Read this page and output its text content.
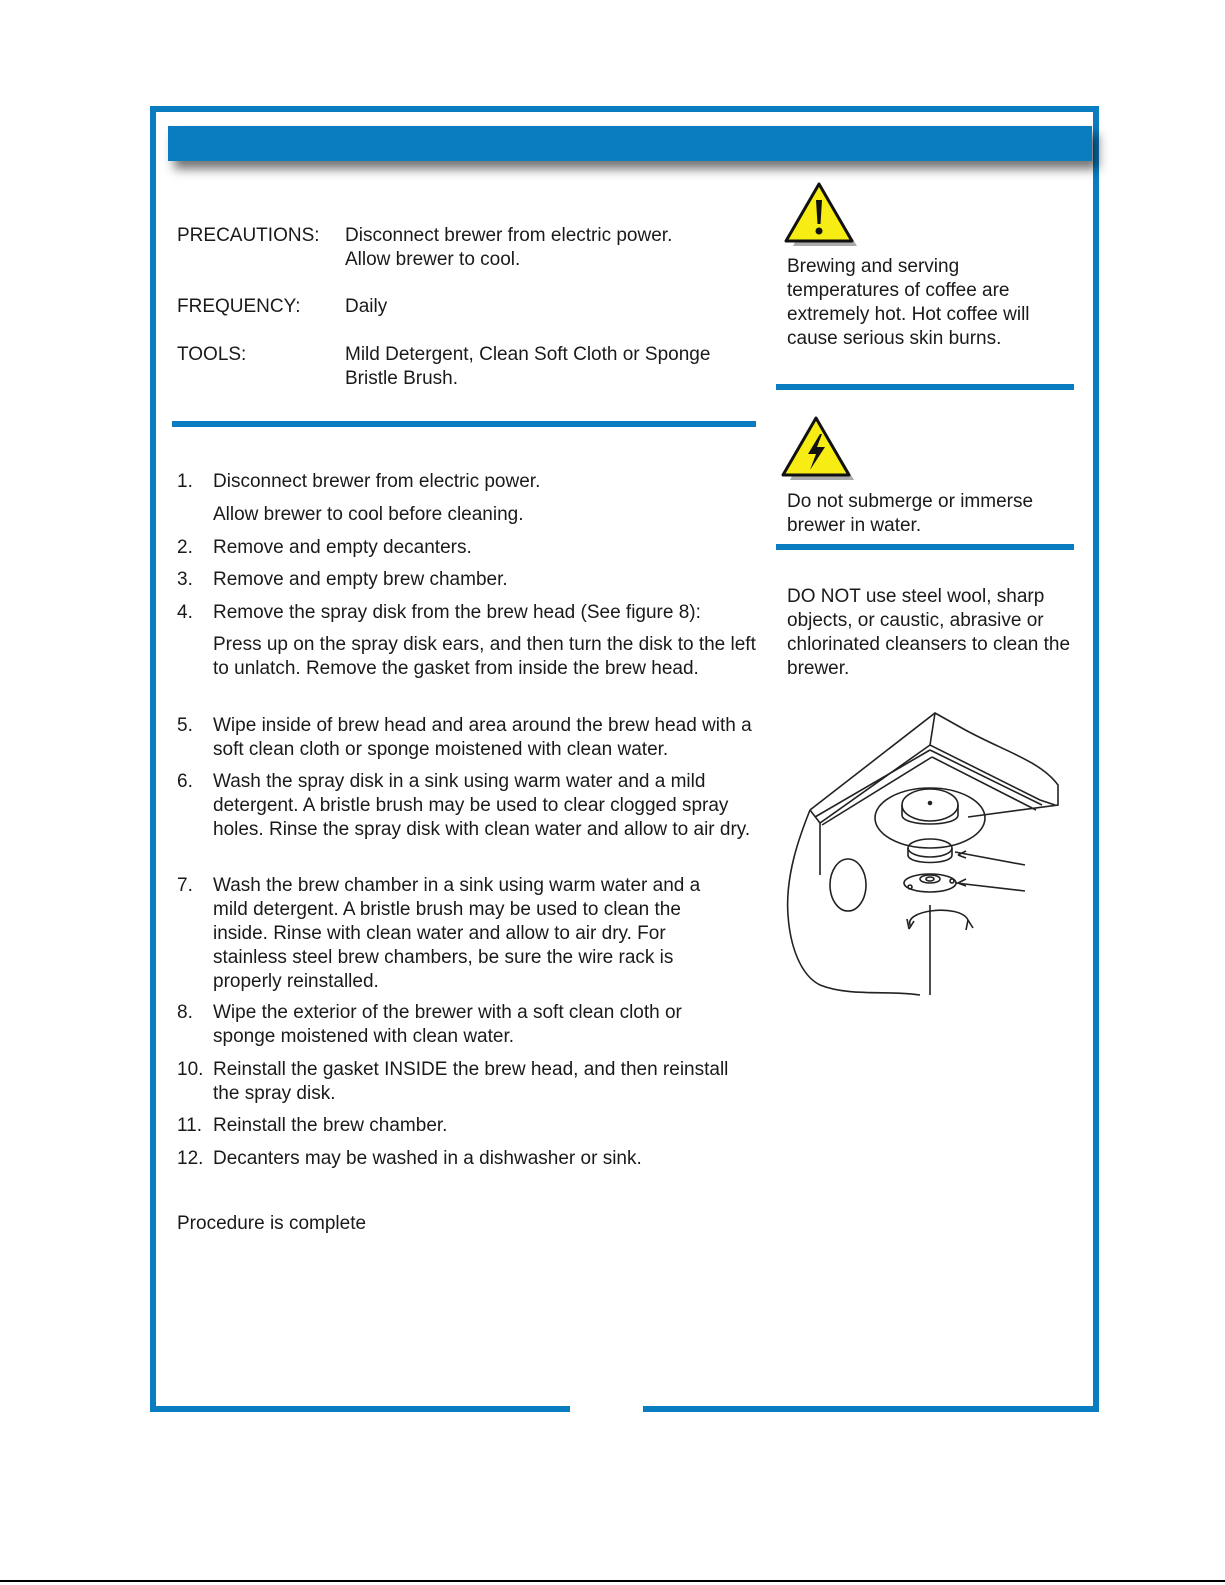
PRECAUTIONS: Disconnect brewer from electric power.
Allow brewer to cool.
FREQUENCY: Daily
TOOLS:	Mild Detergent, Clean Soft Cloth or Sponge
Bristle Brush.
1. Disconnect brewer from electric power.
Allow brewer to cool before cleaning.
2. Remove and empty decanters.
3. Remove and empty brew chamber.
4. Remove the spray disk from the brew head (See figure 8):
Press up on the spray disk ears, and then turn the disk to the left to unlatch. Remove the gasket from inside the brew head.
5. Wipe inside of brew head and area around the brew head with a soft clean cloth or sponge moistened with clean water.
6. Wash the spray disk in a sink using warm water and a mild detergent. A bristle brush may be used to clear clogged spray holes. Rinse the spray disk with clean water and allow to air dry.
7. Wash the brew chamber in a sink using warm water and a mild detergent. A bristle brush may be used to clean the inside. Rinse with clean water and allow to air dry. For stainless steel brew chambers, be sure the wire rack is properly reinstalled.
8. Wipe the exterior of the brewer with a soft clean cloth or sponge moistened with clean water.
10. Reinstall the gasket INSIDE the brew head, and then reinstall the spray disk.
11. Reinstall the brew chamber.
12. Decanters may be washed in a dishwasher or sink.
Procedure is complete
Brewing and serving temperatures of coffee are extremely hot. Hot coffee will cause serious skin burns.
Do not submerge or immerse brewer in water.
DO NOT use steel wool, sharp objects, or caustic, abrasive or chlorinated cleansers to clean the brewer.
